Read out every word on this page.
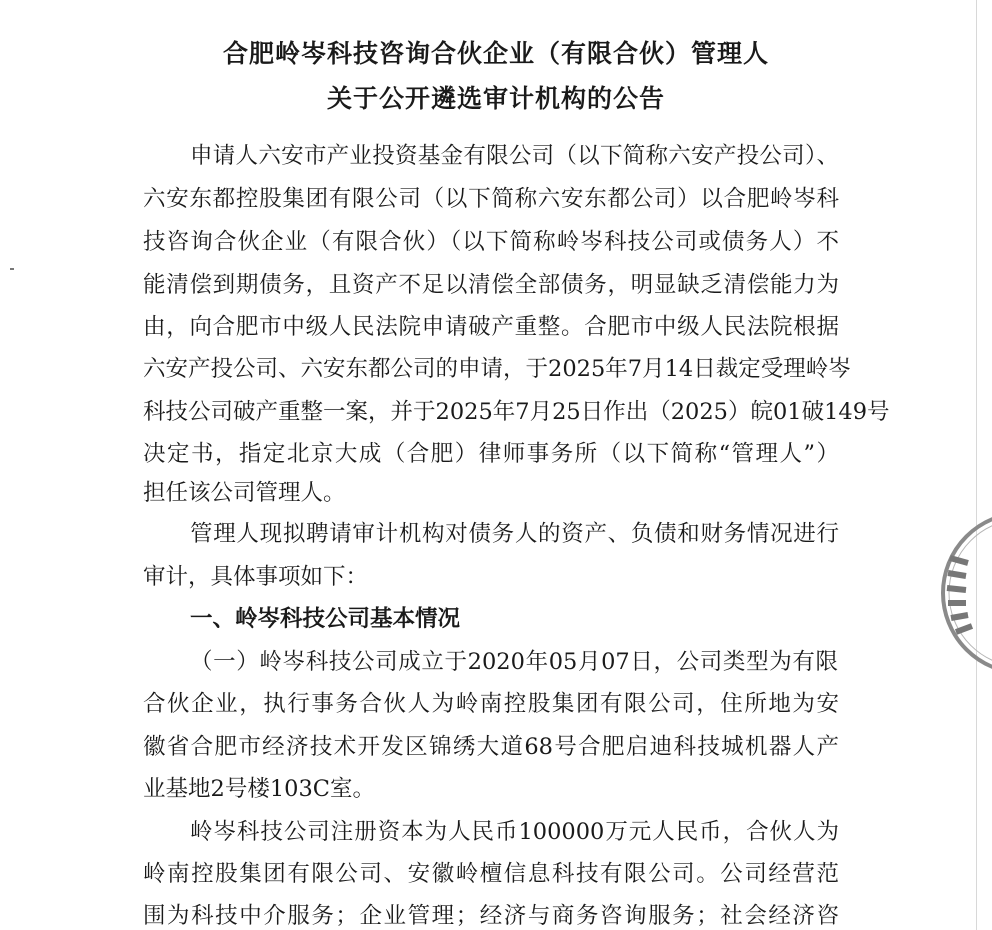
合肥岭岑科技咨询合伙企业（有限合伙）管理人
关于公开遴选审计机构的公告
申请人六安市产业投资基金有限公司（以下简称六安产投公司）、
六安东都控股集团有限公司（以下简称六安东都公司）以合肥岭岑科
技咨询合伙企业（有限合伙）（以下简称岭岑科技公司或债务人）不
能清偿到期债务，且资产不足以清偿全部债务，明显缺乏清偿能力为
由，向合肥市中级人民法院申请破产重整。合肥市中级人民法院根据
六安产投公司、六安东都公司的申请，于2025年7月14日裁定受理岭岑
科技公司破产重整一案，并于2025年7月25日作出（2025）皖01破149号
决定书，指定北京大成（合肥）律师事务所（以下简称“管理人”）
担任该公司管理人。
管理人现拟聘请审计机构对债务人的资产、负债和财务情况进行
审计，具体事项如下：
一、岭岑科技公司基本情况
（一）岭岑科技公司成立于2020年05月07日，公司类型为有限
合伙企业，执行事务合伙人为岭南控股集团有限公司，住所地为安
徽省合肥市经济技术开发区锦绣大道68号合肥启迪科技城机器人产
业基地2号楼103C室。
岭岑科技公司注册资本为人民币100000万元人民币，合伙人为
岭南控股集团有限公司、安徽岭檀信息科技有限公司。公司经营范
围为科技中介服务；企业管理；经济与商务咨询服务；社会经济咨
